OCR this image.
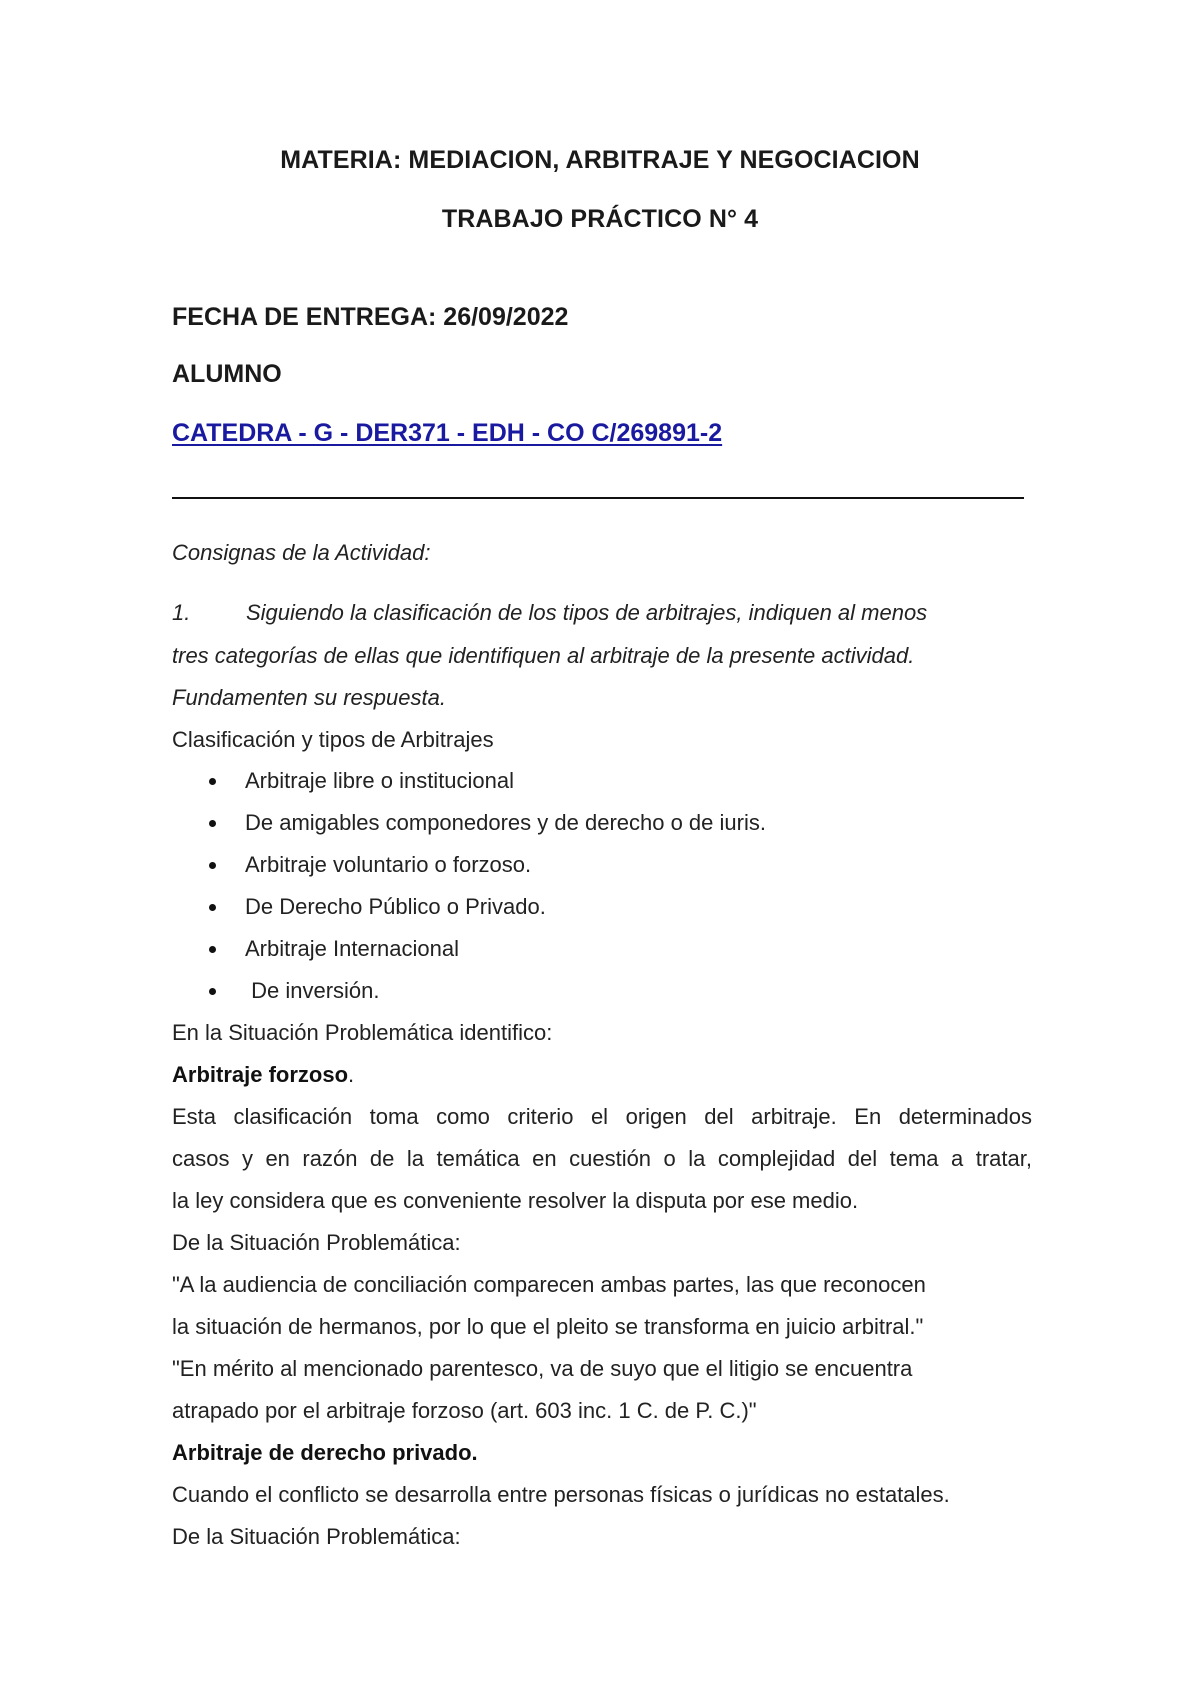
MATERIA: MEDIACION, ARBITRAJE Y NEGOCIACION
TRABAJO PRÁCTICO N° 4
FECHA DE ENTREGA: 26/09/2022
ALUMNO
CATEDRA - G - DER371 - EDH - CO C/269891-2
Consignas de la Actividad:
1.	Siguiendo la clasificación de los tipos de arbitrajes, indiquen al menos
tres categorías de ellas que identifiquen al arbitraje de la presente actividad.
Fundamenten su respuesta.
Clasificación y tipos de Arbitrajes
Arbitraje libre o institucional
De amigables componedores y de derecho o de iuris.
Arbitraje voluntario o forzoso.
De Derecho Público o Privado.
Arbitraje Internacional
De inversión.
En la Situación Problemática identifico:
Arbitraje forzoso.
Esta clasificación toma como criterio el origen del arbitraje. En determinados
casos y en razón de la temática en cuestión o la complejidad del tema a tratar,
la ley considera que es conveniente resolver la disputa por ese medio.
De la Situación Problemática:
"A la audiencia de conciliación comparecen ambas partes, las que reconocen
la situación de hermanos, por lo que el pleito se transforma en juicio arbitral."
"En mérito al mencionado parentesco, va de suyo que el litigio se encuentra
atrapado por el arbitraje forzoso (art. 603 inc. 1 C. de P. C.)"
Arbitraje de derecho privado.
Cuando el conflicto se desarrolla entre personas físicas o jurídicas no estatales.
De la Situación Problemática:
